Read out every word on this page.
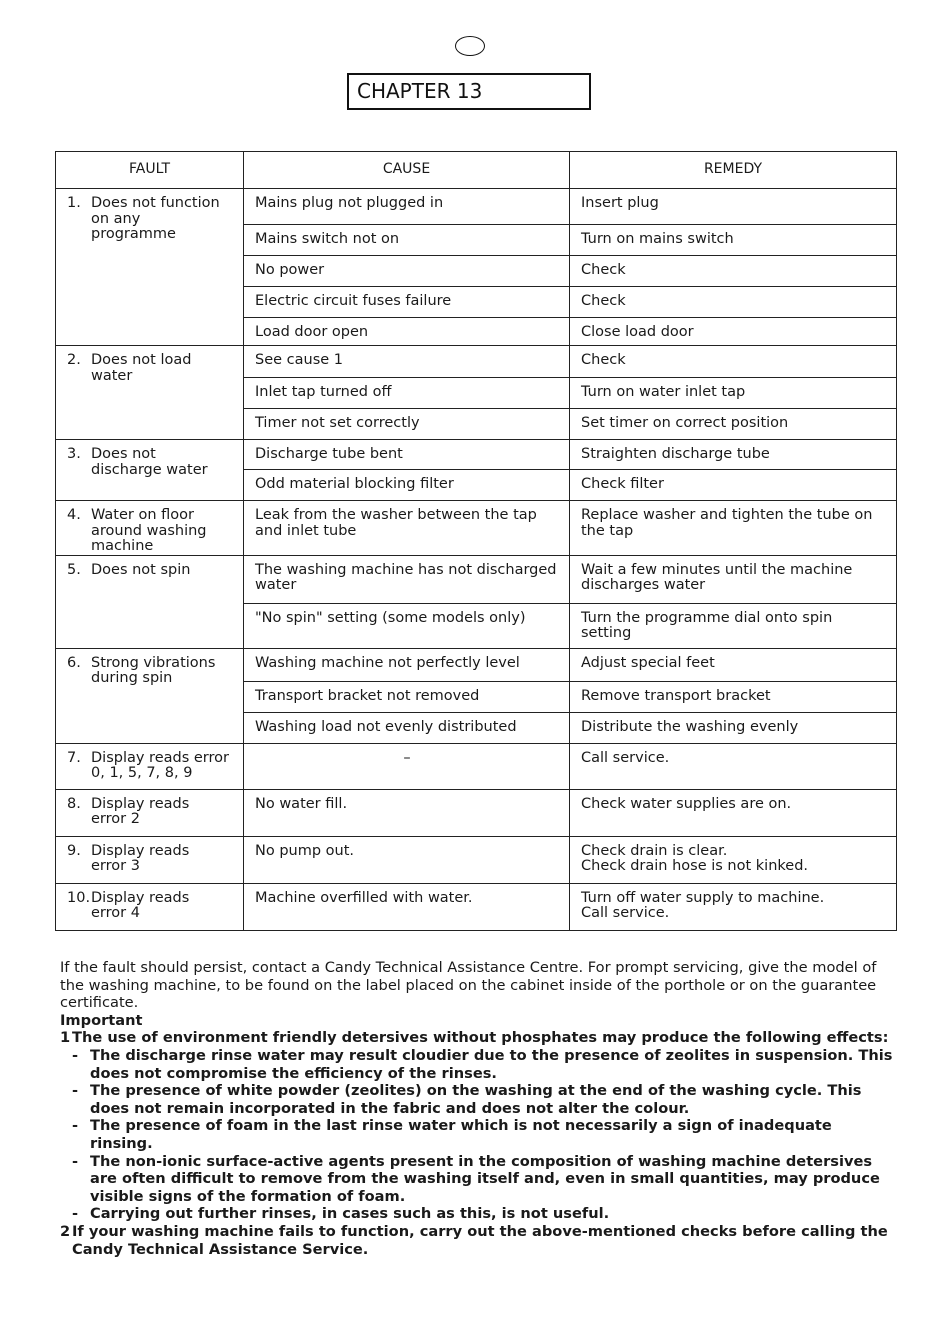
CHAPTER 13
FAULT	CAUSE	REMEDY
1. Does not function
on any
programme	Mains plug not plugged in	Insert plug
	Mains switch not on	Turn on mains switch
	No power	Check
	Electric circuit fuses failure	Check
	Load door open	Close load door
2. Does not load
water	See cause 1	Check
	Inlet tap turned off	Turn on water inlet tap
	Timer not set correctly	Set timer on correct position
3. Does not
discharge water	Discharge tube bent	Straighten discharge tube
	Odd material blocking filter	Check filter
4. Water on floor
around washing
machine	Leak from the washer between the tap and inlet tube	Replace washer and tighten the tube on the tap
5. Does not spin	The washing machine has not discharged water	Wait a few minutes until the machine discharges water
	"No spin" setting (some models only)	Turn the programme dial onto spin setting
6. Strong vibrations
during spin	Washing machine not perfectly level	Adjust special feet
	Transport bracket not removed	Remove transport bracket
	Washing load not evenly distributed	Distribute the washing evenly
7. Display reads error
0, 1, 5, 7, 8, 9	–	Call service.
8. Display reads
error 2	No water fill.	Check water supplies are on.
9. Display reads
error 3	No pump out.	Check drain is clear.
Check drain hose is not kinked.
10.Display reads
error 4	Machine overfilled with water.	Turn off water supply to machine.
Call service.

If the fault should persist, contact a Candy Technical Assistance Centre. For prompt servicing, give the model of the washing machine, to be found on the label placed on the cabinet inside of the porthole or on the guarantee certificate.

Important

1 The use of environment friendly detersives without phosphates may produce the following effects:
- The discharge rinse water may result cloudier due to the presence of zeolites in suspension. This does not compromise the efficiency of the rinses.
- The presence of white powder (zeolites) on the washing at the end of the washing cycle. This does not remain incorporated in the fabric and does not alter the colour.
- The presence of foam in the last rinse water which is not necessarily a sign of inadequate rinsing.
- The non-ionic surface-active agents present in the composition of washing machine detersives are often difficult to remove from the washing itself and, even in small quantities, may produce visible signs of the formation of foam.
- Carrying out further rinses, in cases such as this, is not useful.
2 If your washing machine fails to function, carry out the above-mentioned checks before calling the Candy Technical Assistance Service.
